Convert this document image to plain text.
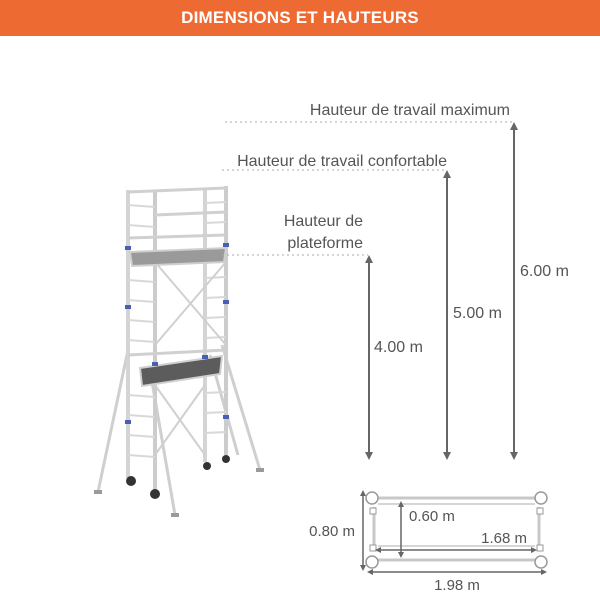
DIMENSIONS ET HAUTEURS
Hauteur de travail maximum
Hauteur de travail confortable
Hauteur de
plateforme
6.00 m
5.00 m
4.00 m
0.80 m
0.60 m
1.68 m
1.98 m
